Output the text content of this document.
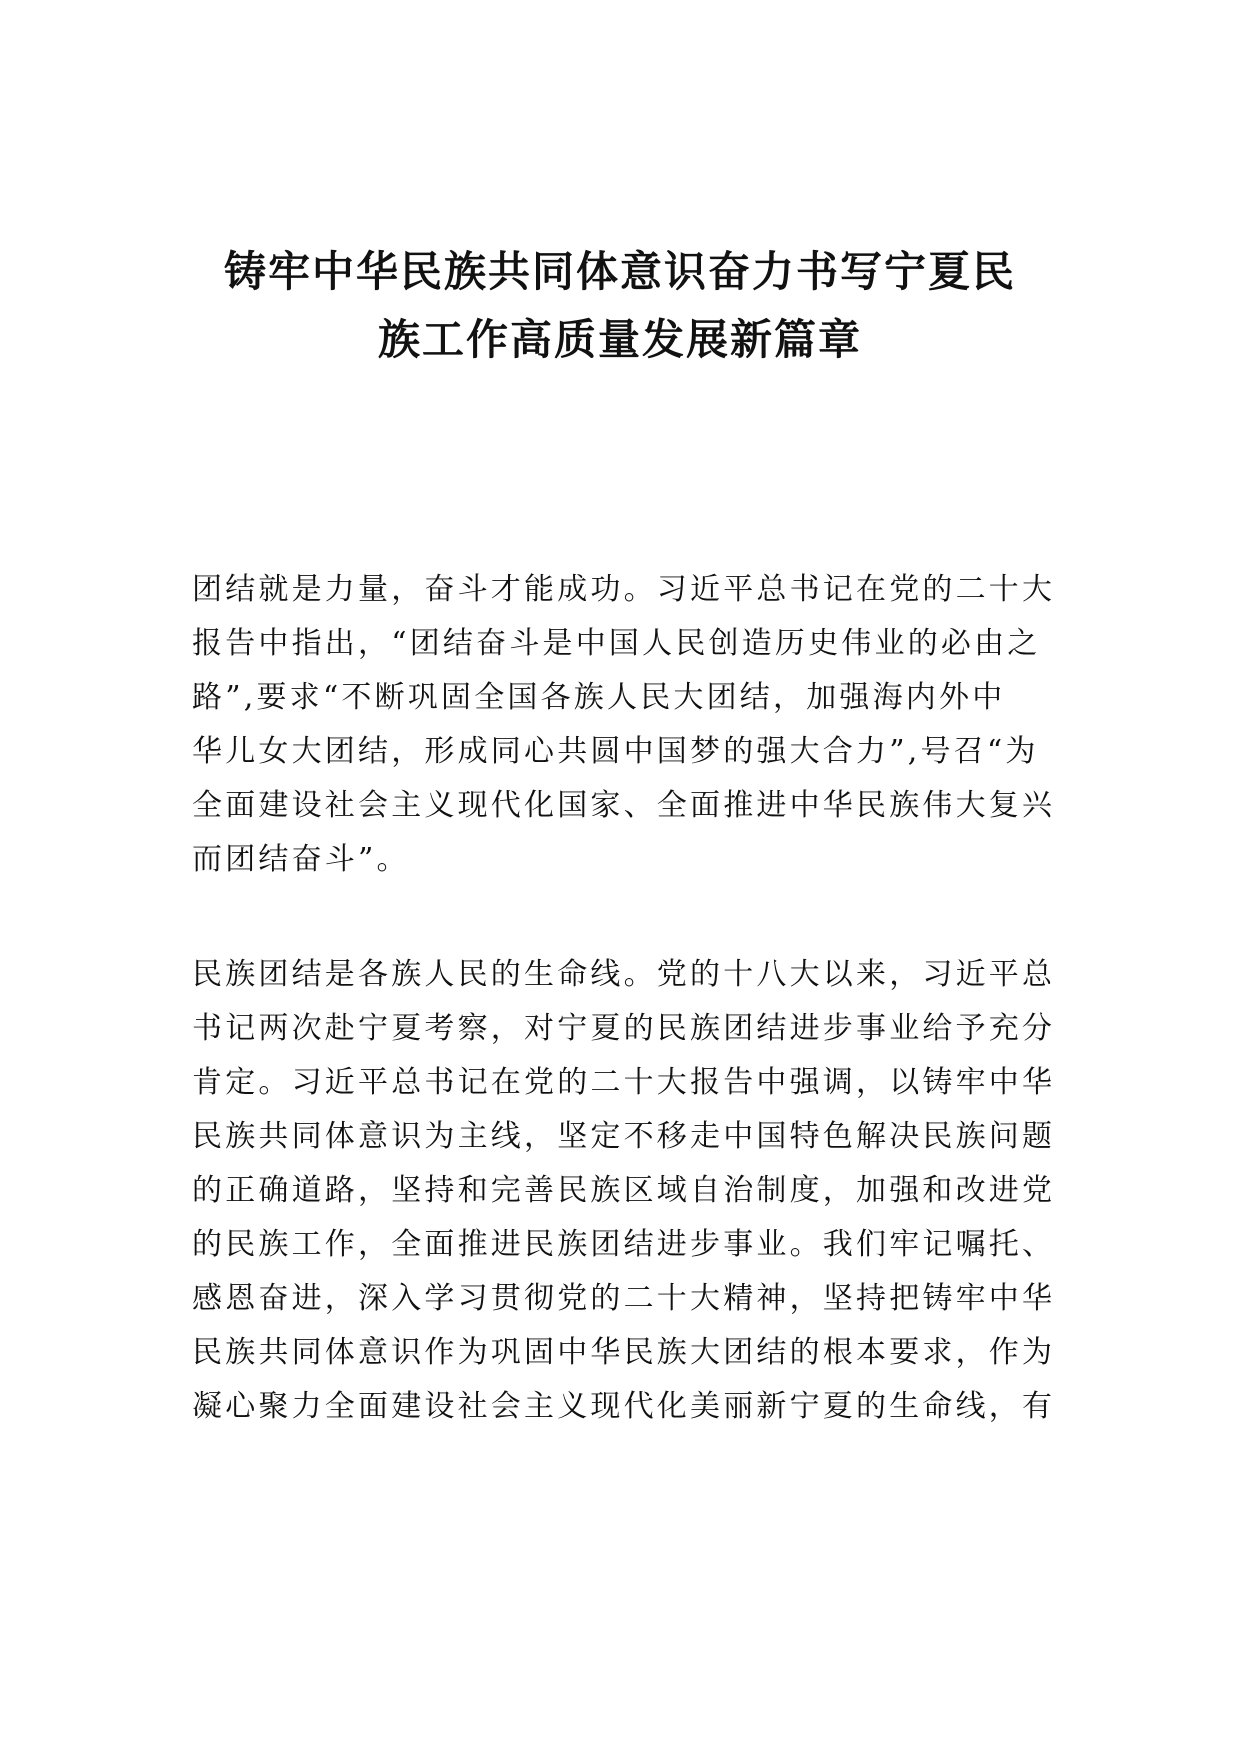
铸牢中华民族共同体意识奋力书写宁夏民
族工作高质量发展新篇章
团结就是力量，奋斗才能成功。习近平总书记在党的二十大
报告中指出，“团结奋斗是中国人民创造历史伟业的必由之
路”,要求“不断巩固全国各族人民大团结，加强海内外中
华儿女大团结，形成同心共圆中国梦的强大合力”,号召“为
全面建设社会主义现代化国家、全面推进中华民族伟大复兴
而团结奋斗”。
民族团结是各族人民的生命线。党的十八大以来，习近平总
书记两次赴宁夏考察，对宁夏的民族团结进步事业给予充分
肯定。习近平总书记在党的二十大报告中强调，以铸牢中华
民族共同体意识为主线，坚定不移走中国特色解决民族问题
的正确道路，坚持和完善民族区域自治制度，加强和改进党
的民族工作，全面推进民族团结进步事业。我们牢记嘱托、
感恩奋进，深入学习贯彻党的二十大精神，坚持把铸牢中华
民族共同体意识作为巩固中华民族大团结的根本要求，作为
凝心聚力全面建设社会主义现代化美丽新宁夏的生命线，有
